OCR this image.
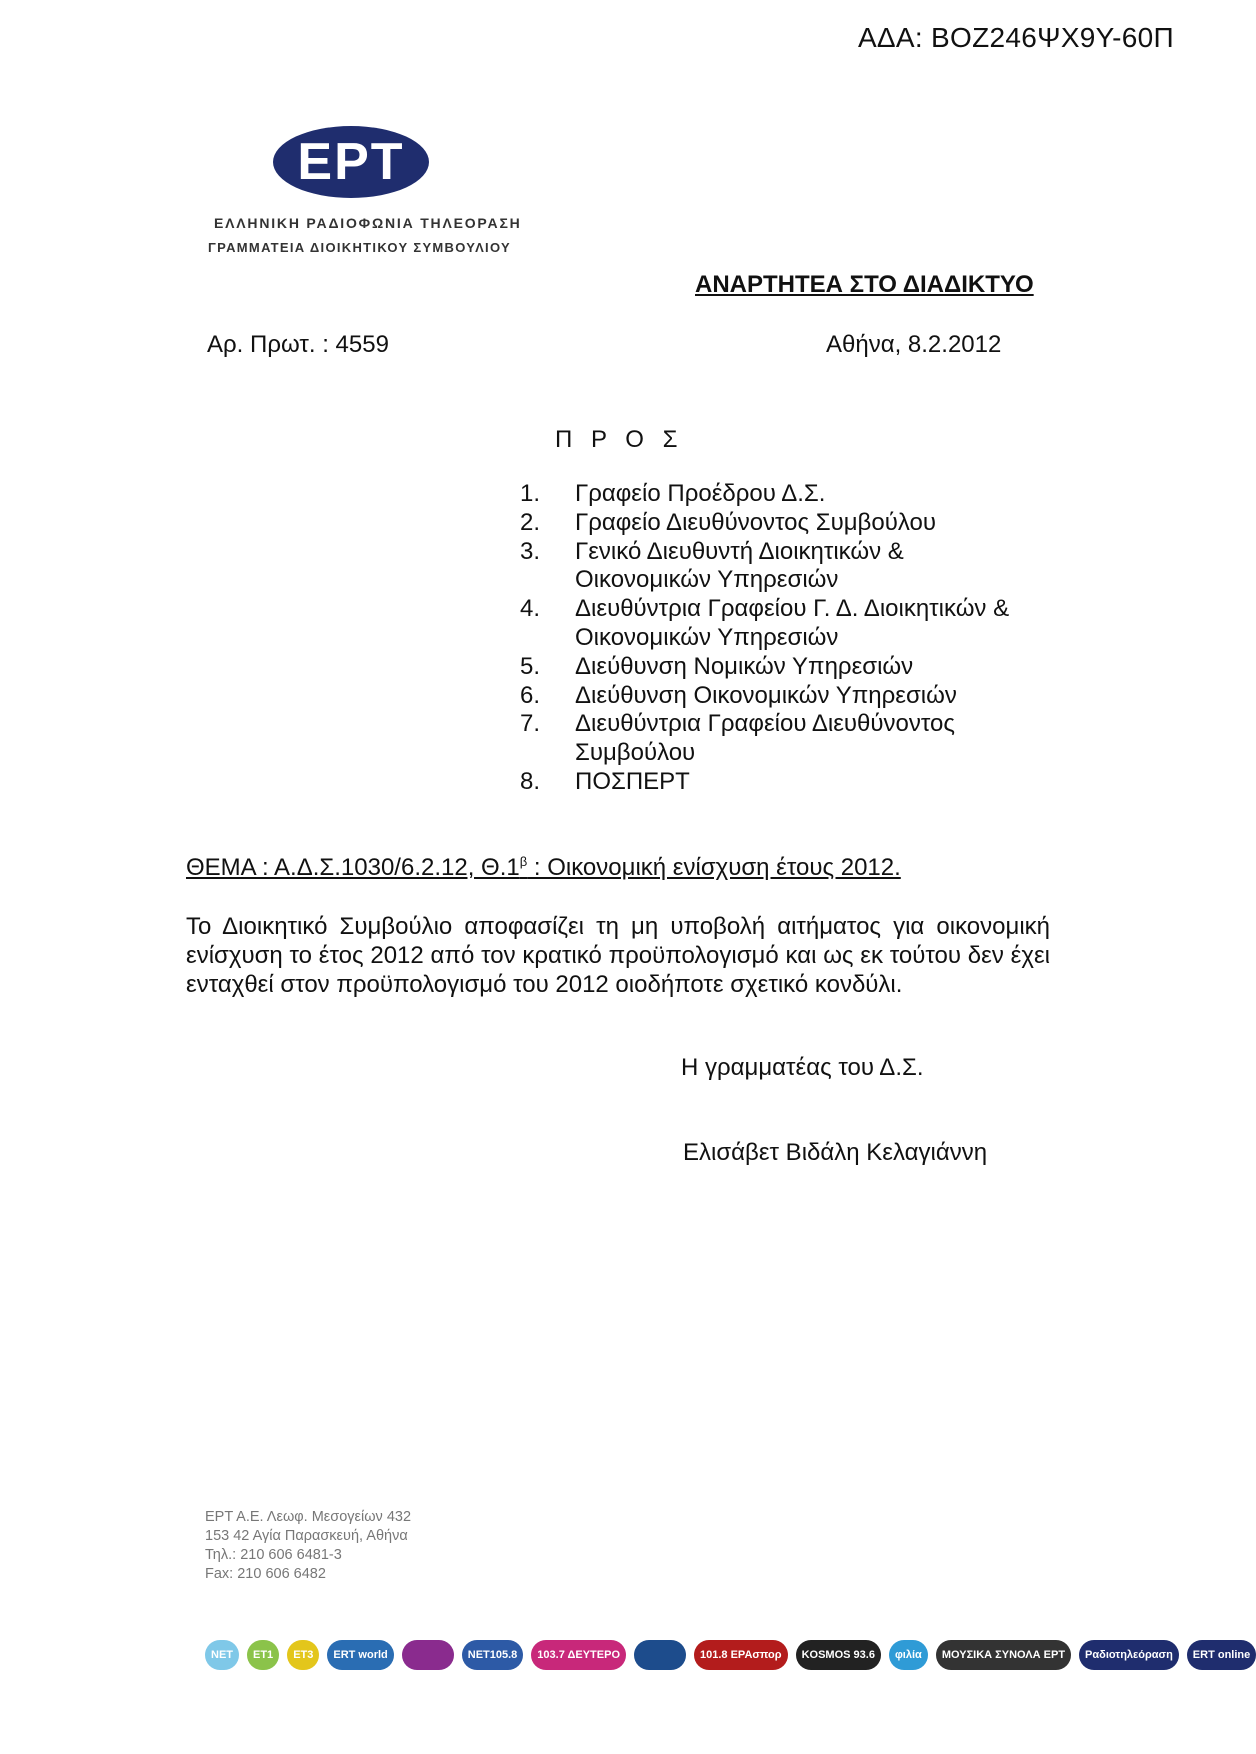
ΑΔΑ: ΒΟΖ246ΨΧ9Υ-60Π
ΕΡΤ
ΕΛΛΗΝΙΚΗ ΡΑΔΙΟΦΩΝΙΑ ΤΗΛΕΟΡΑΣΗ
ΓΡΑΜΜΑΤΕΙΑ ΔΙΟΙΚΗΤΙΚΟΥ ΣΥΜΒΟΥΛΙΟΥ
ΑΝΑΡΤΗΤΕΑ ΣΤΟ ΔΙΑΔΙΚΤΥΟ
Αρ. Πρωτ. : 4559	Αθήνα, 8.2.2012
Π Ρ Ο Σ
1.	Γραφείο Προέδρου Δ.Σ.
2.	Γραφείο Διευθύνοντος Συμβούλου
3.	Γενικό Διευθυντή Διοικητικών &
Οικονομικών Υπηρεσιών
4.	Διευθύντρια Γραφείου Γ. Δ. Διοικητικών &
Οικονομικών Υπηρεσιών
5.	Διεύθυνση Νομικών Υπηρεσιών
6.	Διεύθυνση Οικονομικών Υπηρεσιών
7.	Διευθύντρια Γραφείου Διευθύνοντος
Συμβούλου
8.	ΠΟΣΠΕΡΤ
ΘΕΜΑ : Α.Δ.Σ.1030/6.2.12, $\Theta.1^\beta$ : Οικονομική ενίσχυση έτους 2012.
Το Διοικητικό Συμβούλιο αποφασίζει τη μη υποβολή αιτήματος για οικονομική ενίσχυση το έτος 2012 από τον κρατικό προϋπολογισμό και ως εκ τούτου δεν έχει ενταχθεί στον προϋπολογισμό του 2012 οιοδήποτε σχετικό κονδύλι.
Η γραμματέας του Δ.Σ.
Ελισάβετ Βιδάλη Κελαγιάννη
ΕΡΤ Α.Ε. Λεωφ. Μεσογείων 432
153 42 Αγία Παρασκευή, Αθήνα
Τηλ.: 210 606 6481-3
Fax: 210 606 6482
ΝΕΤ	ΕΤ1	ΕΤ3	ERT world	NET105.8	103.7 ΔΕΥΤΕΡΟ	101.8 ΕΡΑσπορ	KOSMOS 93.6	φιλία	ΜΟΥΣΙΚΑ ΣΥΝΟΛΑ ΕΡΤ	Ραδιοτηλεόραση	ERT online
